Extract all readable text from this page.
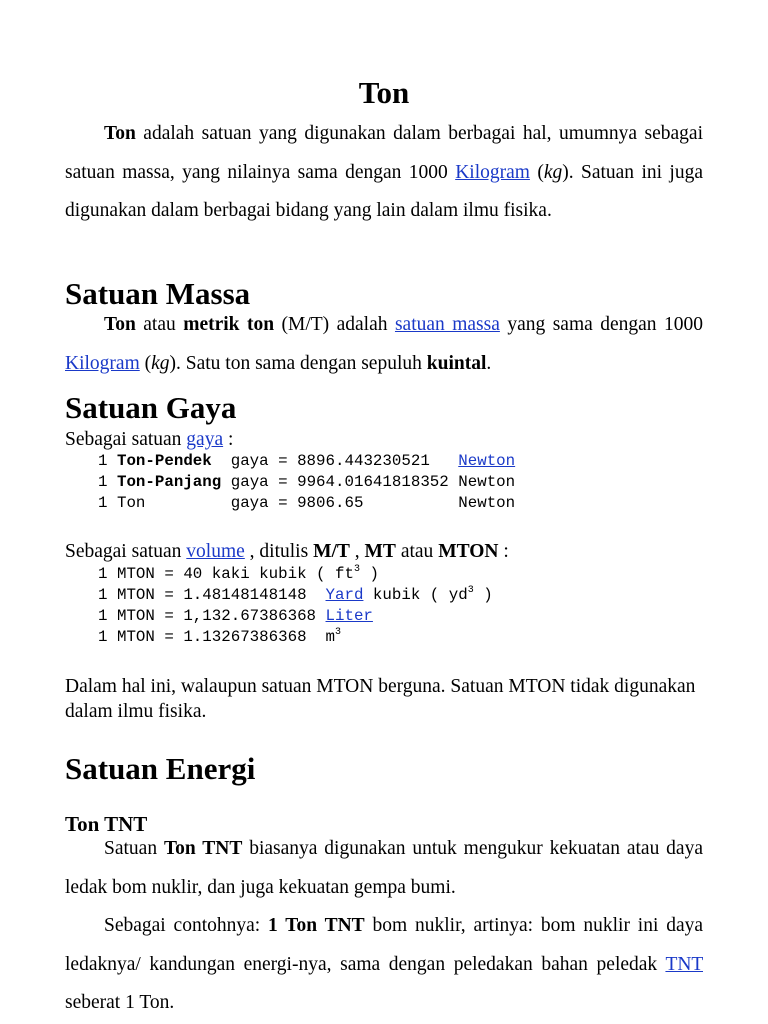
Ton

Ton adalah satuan yang digunakan dalam berbagai hal, umumnya sebagai satuan massa, yang nilainya sama dengan 1000 Kilogram (kg). Satuan ini juga digunakan dalam berbagai bidang yang lain dalam ilmu fisika.

Satuan Massa

Ton atau metrik ton (M/T) adalah satuan massa yang sama dengan 1000 Kilogram (kg). Satu ton sama dengan sepuluh kuintal.

Satuan Gaya

Sebagai satuan gaya :

1 Ton-Pendek  gaya = 8896.443230521   Newton
1 Ton-Panjang gaya = 9964.01641818352 Newton
1 Ton         gaya = 9806.65          Newton

Sebagai satuan volume , ditulis M/T , MT atau MTON :

1 MTON = 40 kaki kubik ( $ft^3$ )
1 MTON = 1.48148148148  Yard kubik ( $yd^3$ )
1 MTON = 1,132.67386368 Liter
1 MTON = 1.13267386368  $m^3$

Dalam hal ini, walaupun satuan MTON berguna. Satuan MTON tidak digunakan dalam ilmu fisika.

Satuan Energi
Ton TNT

Satuan Ton TNT biasanya digunakan untuk mengukur kekuatan atau daya ledak bom nuklir, dan juga kekuatan gempa bumi.

Sebagai contohnya: 1 Ton TNT bom nuklir, artinya: bom nuklir ini daya ledaknya/ kandungan energi-nya, sama dengan peledakan bahan peledak TNT seberat 1 Ton.
